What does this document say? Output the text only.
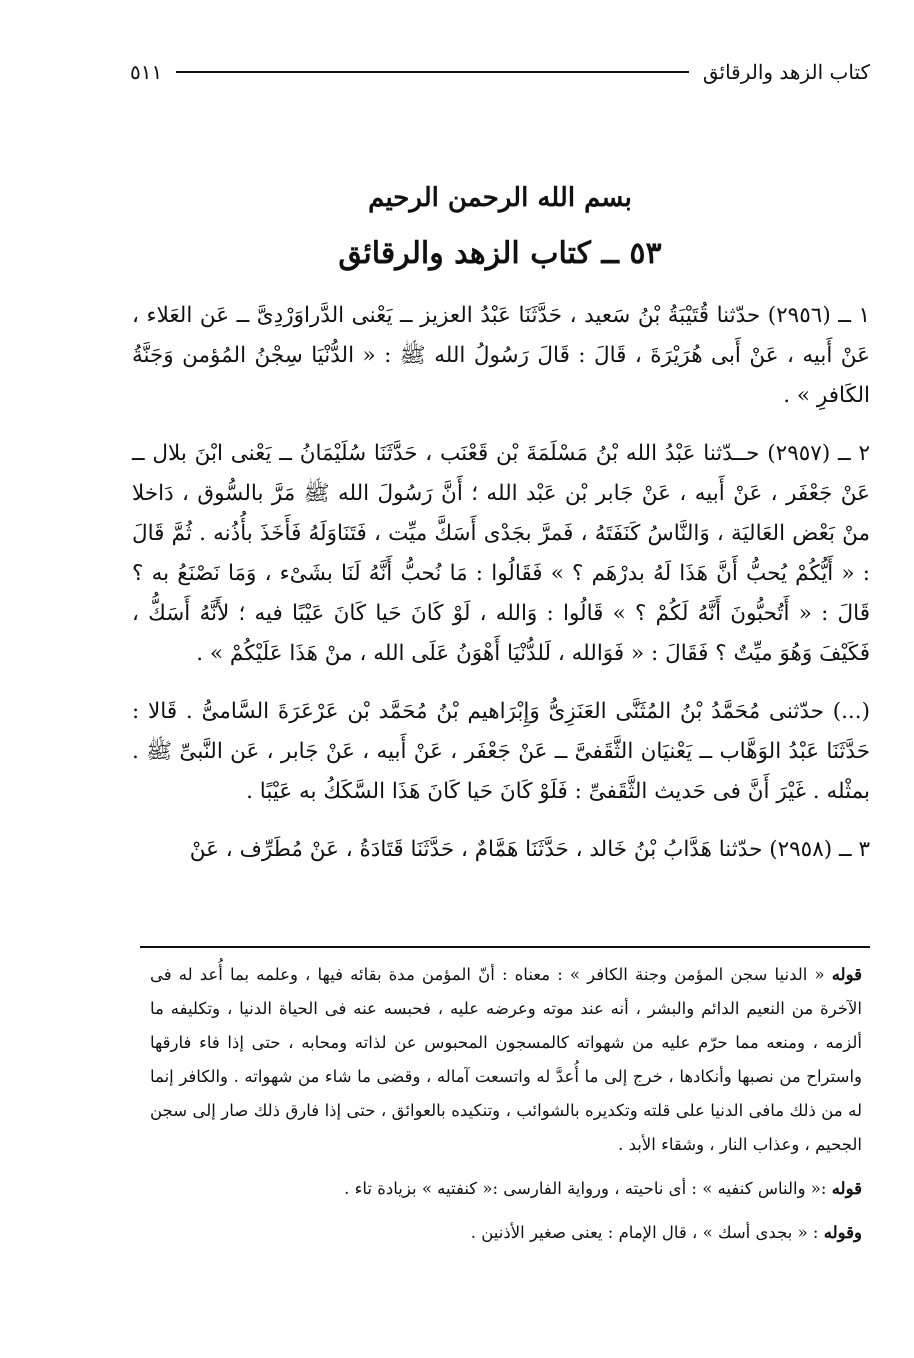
كتاب الزهد والرقائق
٥١١
بسم الله الرحمن الرحيم
٥٣ ــ كتاب الزهد والرقائق

١ ــ (٢٩٥٦) حدّثنا قُتَيْبَةُ بْنُ سَعيد ، حَدَّثَنَا عَبْدُ العزيز ــ يَعْنى الدَّراوَرْدِىَّ ــ عَن العَلاء ، عَنْ أَبيه ، عَنْ أَبى هُرَيْرَةَ ، قَالَ : قَالَ رَسُولُ الله ﷺ : « الدُّنْيَا سِجْنُ المُؤمن وَجَنَّةُ الكَافرِ » .

٢ ــ (٢٩٥٧) حــدّثنا عَبْدُ الله بْنُ مَسْلَمَةَ بْن قَعْنَب ، حَدَّثَنَا سُلَيْمَانُ ــ يَعْنى ابْنَ بلال ــ عَنْ جَعْفَر ، عَنْ أَبيه ، عَنْ جَابر بْن عَبْد الله ؛ أَنَّ رَسُولَ الله ﷺ مَرَّ بالسُّوق ، دَاخلا منْ بَعْض العَاليَة ، وَالنَّاسُ كَنَفَتَهُ ، فَمرَّ بجَدْى أَسَكَّ ميِّت ، فَتَنَاوَلَهُ فَأَخَذَ بأُذُنه . ثُمَّ قَالَ : « أَيُّكُمْ يُحبُّ أَنَّ هَذَا لَهُ بدرْهَم ؟ » فَقَالُوا : مَا نُحبُّ أَنَّهُ لَنَا بشَىْء ، وَمَا نَصْنَعُ به ؟ قَالَ : « أَتُحبُّونَ أَنَّهُ لَكُمْ ؟ » قَالُوا : وَالله ، لَوْ كَانَ حَيا كَانَ عَيْبًا فيه ؛ لأَنَّهُ أَسَكُّ ، فَكَيْفَ وَهُوَ ميِّتٌ ؟ فَقَالَ : « فَوَالله ، لَلدُّنْيَا أَهْوَنُ عَلَى الله ، منْ هَذَا عَلَيْكُمْ » .

(...) حدّثنى مُحَمَّدُ بْنُ المُثَنَّى العَنَزِىُّ وَإِبْرَاهيم بْنُ مُحَمَّد بْن عَرْعَرَةَ السَّامىُّ . قَالا : حَدَّثَنَا عَبْدُ الوَهَّاب ــ يَعْنيَان الثَّقَفىَّ ــ عَنْ جَعْفَر ، عَنْ أَبيه ، عَنْ جَابر ، عَن النَّبىِّ ﷺ . بمثْله . غَيْرَ أَنَّ فى حَديث الثَّقَفىِّ : فَلَوْ كَانَ حَيا كَانَ هَذَا السَّكَكُ به عَيْبًا .

٣ ــ (٢٩٥٨) حدّثنا هَدَّابُ بْنُ خَالد ، حَدَّثَنَا هَمَّامٌ ، حَدَّثَنَا قَتَادَةُ ، عَنْ مُطَرِّف ، عَنْ

قوله « الدنيا سجن المؤمن وجنة الكافر » : معناه : أنّ المؤمن مدة بقائه فيها ، وعلمه بما أُعد له فى الآخرة من النعيم الدائم والبشر ، أنه عند موته وعرضه عليه ، فحبسه عنه فى الحياة الدنيا ، وتكليفه ما ألزمه ، ومنعه مما حرّم عليه من شهواته كالمسجون المحبوس عن لذاته ومحابه ، حتى إذا فاء فارقها واستراح من نصبها وأنكادها ، خرج إلى ما أُعدَّ له واتسعت آماله ، وقضى ما شاء من شهواته . والكافر إنما له من ذلك مافى الدنيا على قلته وتكديره بالشوائب ، وتنكيده بالعوائق ، حتى إذا فارق ذلك صار إلى سجن الجحيم ، وعذاب النار ، وشقاء الأبد .

قوله :« والناس كنفيه » : أى ناحيته ، ورواية الفارسى :« كنفتيه » بزيادة تاء .

وقوله : « بجدى أسك » ، قال الإمام : يعنى صغير الأذنين .
